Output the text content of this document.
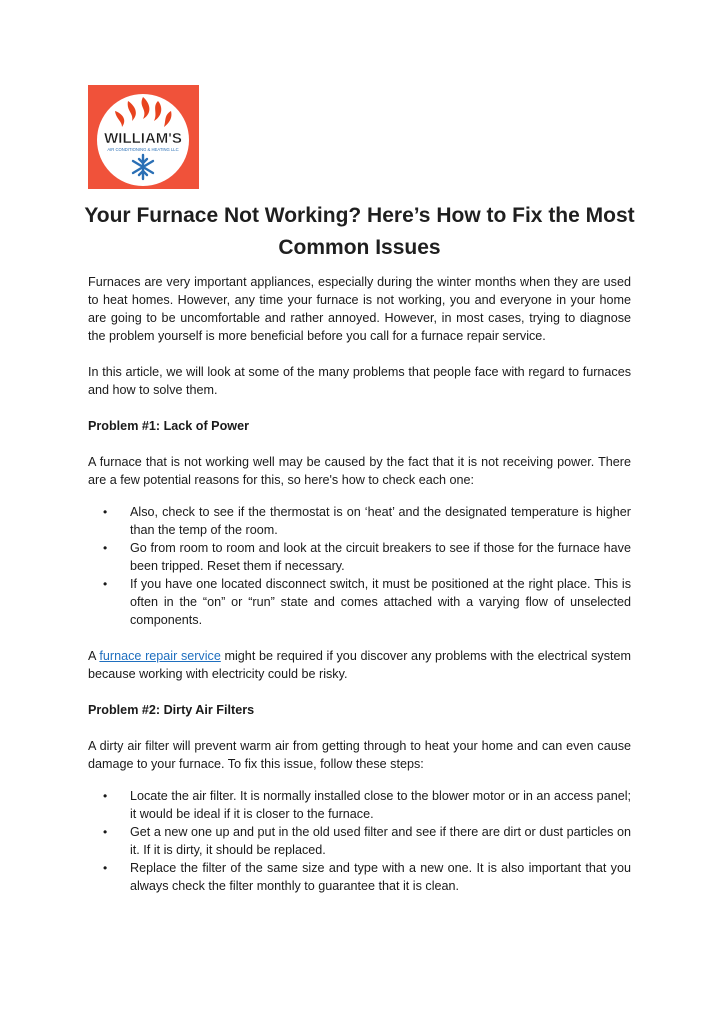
WILLIAM'S
AIR CONDITIONING & HEATING LLC
Your Furnace Not Working? Here’s How to Fix the Most Common Issues

Furnaces are very important appliances, especially during the winter months when they are used to heat homes. However, any time your furnace is not working, you and everyone in your home are going to be uncomfortable and rather annoyed. However, in most cases, trying to diagnose the problem yourself is more beneficial before you call for a furnace repair service.

In this article, we will look at some of the many problems that people face with regard to furnaces and how to solve them.

Problem #1: Lack of Power

A furnace that is not working well may be caused by the fact that it is not receiving power. There are a few potential reasons for this, so here's how to check each one:

• Also, check to see if the thermostat is on ‘heat’ and the designated temperature is higher than the temp of the room.
• Go from room to room and look at the circuit breakers to see if those for the furnace have been tripped. Reset them if necessary.
• If you have one located disconnect switch, it must be positioned at the right place. This is often in the “on” or “run” state and comes attached with a varying flow of unselected components.

A furnace repair service might be required if you discover any problems with the electrical system because working with electricity could be risky.

Problem #2: Dirty Air Filters

A dirty air filter will prevent warm air from getting through to heat your home and can even cause damage to your furnace. To fix this issue, follow these steps:

• Locate the air filter. It is normally installed close to the blower motor or in an access panel; it would be ideal if it is closer to the furnace.
• Get a new one up and put in the old used filter and see if there are dirt or dust particles on it. If it is dirty, it should be replaced.
• Replace the filter of the same size and type with a new one. It is also important that you always check the filter monthly to guarantee that it is clean.
